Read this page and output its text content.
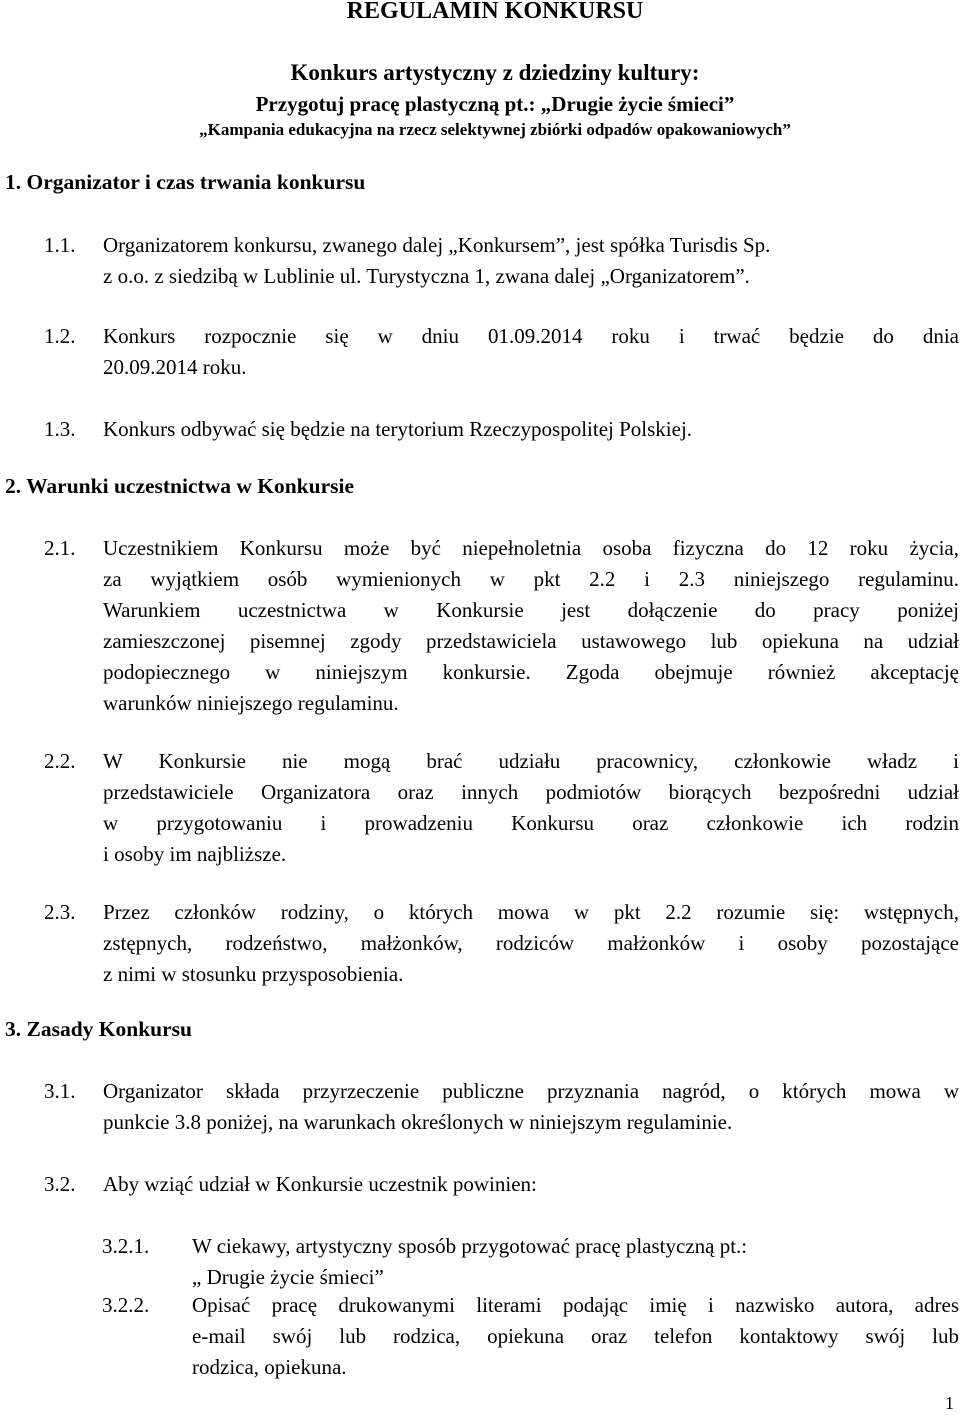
REGULAMIN KONKURSU
Konkurs artystyczny z dziedziny kultury:
Przygotuj pracę plastyczną pt.: „Drugie życie śmieci”
„Kampania edukacyjna na rzecz selektywnej zbiórki odpadów opakowaniowych”
1. Organizator i czas trwania konkursu
1.1. Organizatorem konkursu, zwanego dalej „Konkursem”, jest spółka Turisdis Sp.
z o.o. z siedzibą w Lublinie ul. Turystyczna 1, zwana dalej „Organizatorem”.
1.2. Konkurs rozpocznie się w dniu 01.09.2014 roku i trwać będzie do dnia
20.09.2014 roku.
1.3. Konkurs odbywać się będzie na terytorium Rzeczypospolitej Polskiej.
2. Warunki uczestnictwa w Konkursie
2.1. Uczestnikiem Konkursu może być niepełnoletnia osoba fizyczna do 12 roku życia,
za wyjątkiem osób wymienionych w pkt 2.2 i 2.3 niniejszego regulaminu.
Warunkiem uczestnictwa w Konkursie jest dołączenie do pracy poniżej
zamieszczonej pisemnej zgody przedstawiciela ustawowego lub opiekuna na udział
podopiecznego w niniejszym konkursie. Zgoda obejmuje również akceptację
warunków niniejszego regulaminu.
2.2. W Konkursie nie mogą brać udziału pracownicy, członkowie władz i
przedstawiciele Organizatora oraz innych podmiotów biorących bezpośredni udział
w przygotowaniu i prowadzeniu Konkursu oraz członkowie ich rodzin
i osoby im najbliższe.
2.3. Przez członków rodziny, o których mowa w pkt 2.2 rozumie się: wstępnych,
zstępnych, rodzeństwo, małżonków, rodziców małżonków i osoby pozostające
z nimi w stosunku przysposobienia.
3. Zasady Konkursu
3.1. Organizator składa przyrzeczenie publiczne przyznania nagród, o których mowa w
punkcie 3.8 poniżej, na warunkach określonych w niniejszym regulaminie.
3.2. Aby wziąć udział w Konkursie uczestnik powinien:
3.2.1. W ciekawy, artystyczny sposób przygotować pracę plastyczną pt.:
„ Drugie życie śmieci”
3.2.2. Opisać pracę drukowanymi literami podając imię i nazwisko autora, adres
e-mail swój lub rodzica, opiekuna oraz telefon kontaktowy swój lub
rodzica, opiekuna.
1
